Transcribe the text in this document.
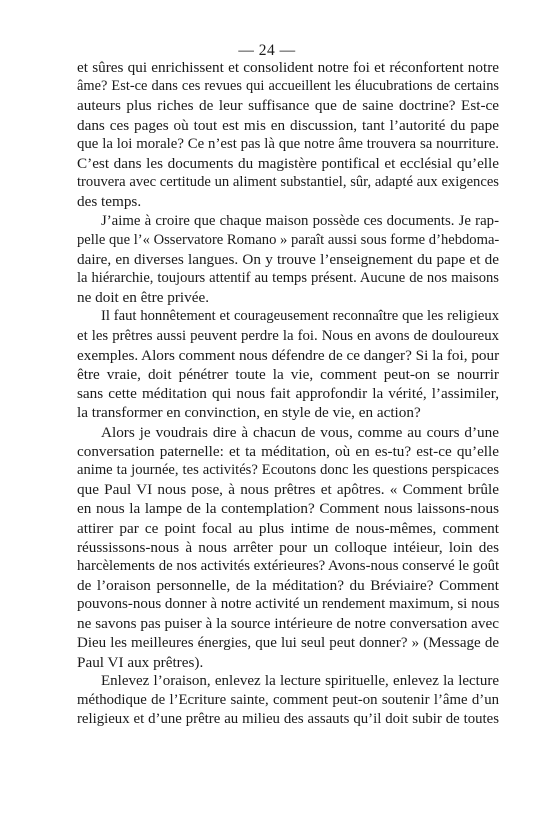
— 24 —
et sûres qui enrichissent et consolident notre foi et réconfortent notre
âme? Est-ce dans ces revues qui accueillent les élucubrations de certains
auteurs plus riches de leur suffisance que de saine doctrine? Est-ce
dans ces pages où tout est mis en discussion, tant l’autorité du pape
que la loi morale? Ce n’est pas là que notre âme trouvera sa nourriture.
C’est dans les documents du magistère pontifical et ecclésial qu’elle
trouvera avec certitude un aliment substantiel, sûr, adapté aux exigences
des temps.
J’aime à croire que chaque maison possède ces documents. Je rap-
pelle que l’« Osservatore Romano » paraît aussi sous forme d’hebdoma-
daire, en diverses langues. On y trouve l’enseignement du pape et de
la hiérarchie, toujours attentif au temps présent. Aucune de nos maisons
ne doit en être privée.
Il faut honnêtement et courageusement reconnaître que les religieux
et les prêtres aussi peuvent perdre la foi. Nous en avons de douloureux
exemples. Alors comment nous défendre de ce danger? Si la foi, pour
être vraie, doit pénétrer toute la vie, comment peut-on se nourrir
sans cette méditation qui nous fait approfondir la vérité, l’assimiler,
la transformer en convinction, en style de vie, en action?
Alors je voudrais dire à chacun de vous, comme au cours d’une
conversation paternelle: et ta méditation, où en es-tu? est-ce qu’elle
anime ta journée, tes activités? Ecoutons donc les questions perspicaces
que Paul VI nous pose, à nous prêtres et apôtres. « Comment brûle
en nous la lampe de la contemplation? Comment nous laissons-nous
attirer par ce point focal au plus intime de nous-mêmes, comment
réussissons-nous à nous arrêter pour un colloque intéieur, loin des
harcèlements de nos activités extérieures? Avons-nous conservé le goût
de l’oraison personnelle, de la méditation? du Bréviaire? Comment
pouvons-nous donner à notre activité un rendement maximum, si nous
ne savons pas puiser à la source intérieure de notre conversation avec
Dieu les meilleures énergies, que lui seul peut donner? » (Message de
Paul VI aux prêtres).
Enlevez l’oraison, enlevez la lecture spirituelle, enlevez la lecture
méthodique de l’Ecriture sainte, comment peut-on soutenir l’âme d’un
religieux et d’une prêtre au milieu des assauts qu’il doit subir de toutes
